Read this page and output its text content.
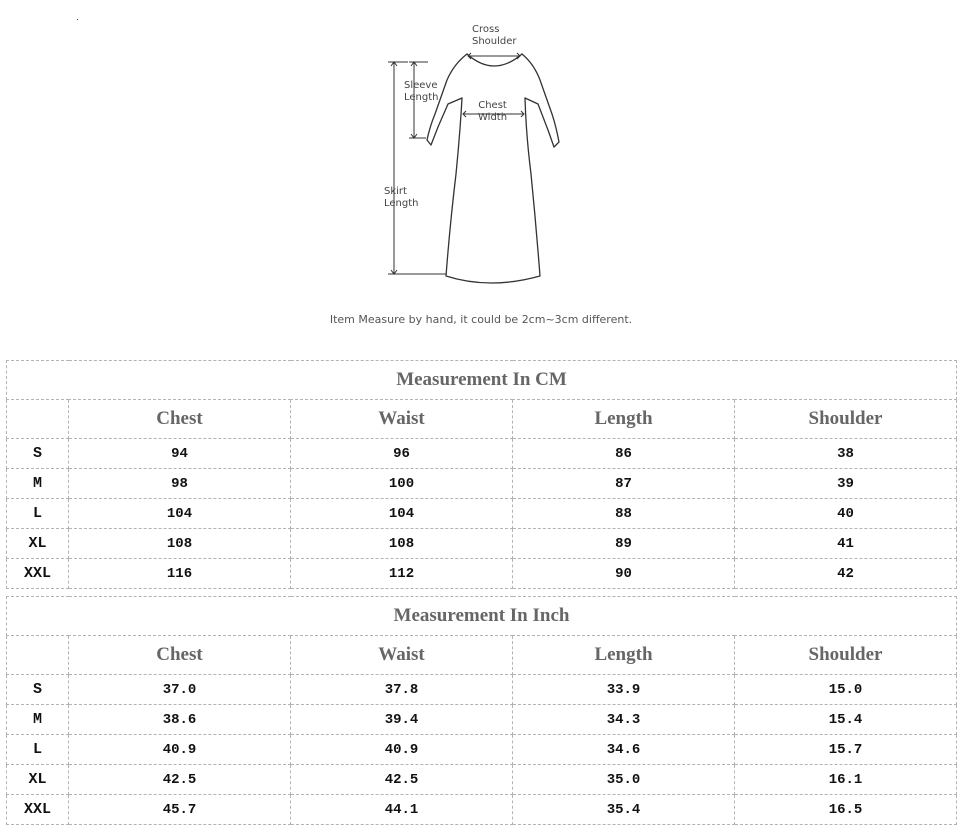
Cross
Shoulder
Sleeve
Length
Chest
Width
Skirt
Length
Item Measure by hand, it could be 2cm~3cm different.
Measurement In CM				
	Chest	Waist	Length	Shoulder
S	94	96	86	38
M	98	100	87	39
L	104	104	88	40
XL	108	108	89	41
XXL	116	112	90	42
Measurement In Inch				
	Chest	Waist	Length	Shoulder
S	37.0	37.8	33.9	15.0
M	38.6	39.4	34.3	15.4
L	40.9	40.9	34.6	15.7
XL	42.5	42.5	35.0	16.1
XXL	45.7	44.1	35.4	16.5
